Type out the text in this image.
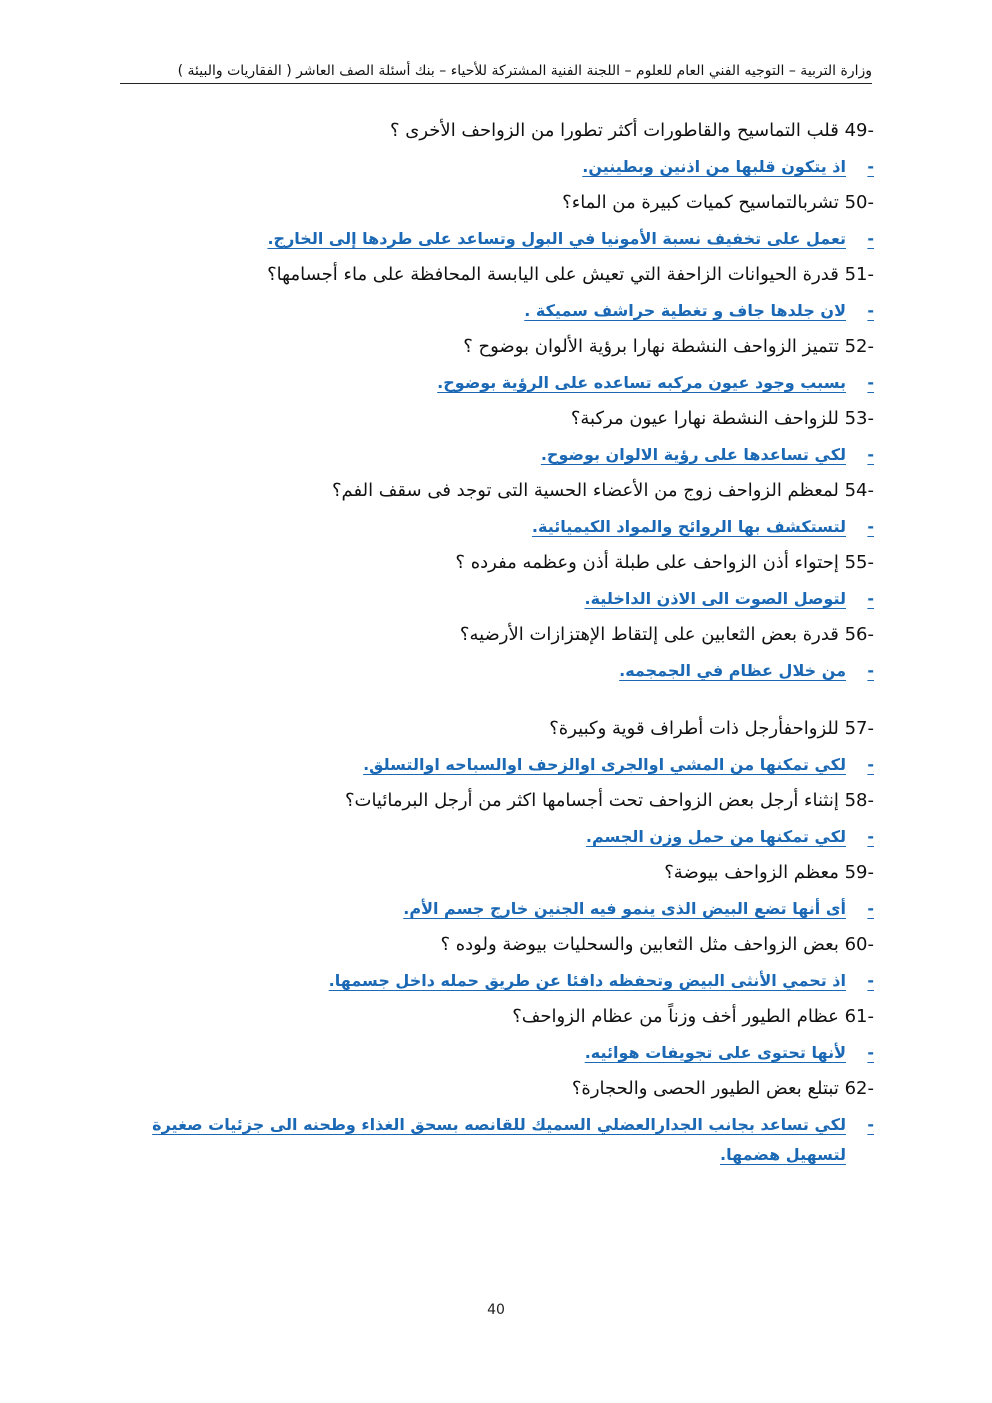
وزارة التربية – التوجيه الفني العام للعلوم – اللجنة الفنية المشتركة للأحياء – بنك أسئلة الصف العاشر ( الفقاريات والبيئة )
49- قلب التماسيح والقاطورات أكثر تطورا من الزواحف الأخرى ؟
-
اذ يتكون قلبها من اذنين وبطينين.
50- تشربالتماسيح كميات كبيرة من الماء؟
-
تعمل على تخفيف نسبة الأمونيا في البول وتساعد على طردها إلى الخارج.
51- قدرة الحيوانات الزاحفة التي تعيش على اليابسة المحافظة على ماء أجسامها؟
-
لان جلدها جاف و تغطية حراشف سميكة .
52- تتميز الزواحف النشطة نهارا برؤية الألوان بوضوح ؟
-
بسبب وجود عيون مركبه تساعده على الرؤية بوضوح.
53- للزواحف النشطة نهارا عيون مركبة؟
-
لكي تساعدها على رؤية الالوان بوضوح.
54- لمعظم الزواحف زوج من الأعضاء الحسية التى توجد فى سقف الفم؟
-
لتستكشف بها الروائح والمواد الكيميائية.
55- إحتواء أذن الزواحف على طبلة أذن وعظمه مفرده ؟
-
لتوصل الصوت الى الاذن الداخلية.
56- قدرة بعض الثعابين على إلتقاط الإهتزازات الأرضيه؟
-
من خلال عظام في الجمجمه.
57- للزواحفأرجل ذات أطراف قوية وكبيرة؟
-
لكي تمكنها من المشي اوالجرى اوالزحف اوالسباحه اوالتسلق.
58- إنثناء أرجل بعض الزواحف تحت أجسامها اكثر من أرجل البرمائيات؟
-
لكي تمكنها من حمل وزن الجسم.
59- معظم الزواحف بيوضة؟
-
أى أنها تضع البيض الذى ينمو فيه الجنين خارج جسم الأم.
60- بعض الزواحف مثل الثعابين والسحليات بيوضة ولوده ؟
-
اذ تحمي الأنثى البيض وتحفظه دافئا عن طريق حمله داخل جسمها.
61- عظام الطيور أخف وزناً من عظام الزواحف؟
-
لأنها تحتوى على تجويفات هوائيه.
62- تبتلع بعض الطيور الحصى والحجارة؟
-
لكي تساعد بجانب الجدارالعضلي السميك للقانصه بسحق الغذاء وطحنه الى جزئيات صغيرة لتسهيل هضمها.
40
